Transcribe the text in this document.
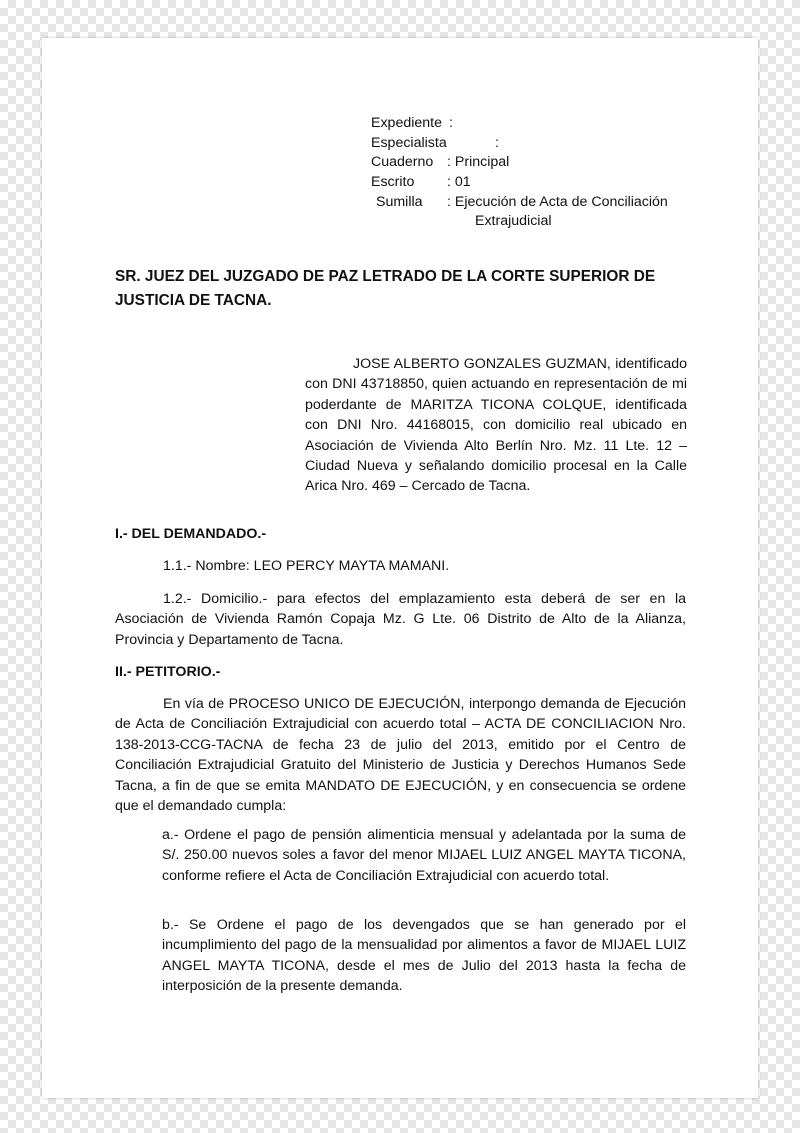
Expediente :
Especialista	:
Cuaderno : Principal
Escrito : 01
Sumilla : Ejecución de Acta de Conciliación
Extrajudicial
SR. JUEZ DEL JUZGADO DE PAZ LETRADO DE LA CORTE SUPERIOR DE JUSTICIA DE TACNA.
JOSE ALBERTO GONZALES GUZMAN, identificado con DNI 43718850, quien actuando en representación de mi poderdante de MARITZA TICONA COLQUE, identificada con DNI Nro. 44168015, con domicilio real ubicado en Asociación de Vivienda Alto Berlín Nro. Mz. 11 Lte. 12 – Ciudad Nueva y señalando domicilio procesal en la Calle Arica Nro. 469 – Cercado de Tacna.
I.- DEL DEMANDADO.-
1.1.- Nombre: LEO PERCY MAYTA MAMANI.
1.2.- Domicilio.- para efectos del emplazamiento esta deberá de ser en la Asociación de Vivienda Ramón Copaja Mz. G Lte. 06 Distrito de Alto de la Alianza, Provincia y Departamento de Tacna.
II.- PETITORIO.-
En vía de PROCESO UNICO DE EJECUCIÓN, interpongo demanda de Ejecución de Acta de Conciliación Extrajudicial con acuerdo total – ACTA DE CONCILIACION Nro. 138-2013-CCG-TACNA de fecha 23 de julio del 2013, emitido por el Centro de Conciliación Extrajudicial Gratuito del Ministerio de Justicia y Derechos Humanos Sede Tacna, a fin de que se emita MANDATO DE EJECUCIÓN, y en consecuencia se ordene que el demandado cumpla:
a.- Ordene el pago de pensión alimenticia mensual y adelantada por la suma de S/. 250.00 nuevos soles a favor del menor MIJAEL LUIZ ANGEL MAYTA TICONA, conforme refiere el Acta de Conciliación Extrajudicial con acuerdo total.
b.- Se Ordene el pago de los devengados que se han generado por el incumplimiento del pago de la mensualidad por alimentos a favor de MIJAEL LUIZ ANGEL MAYTA TICONA, desde el mes de Julio del 2013 hasta la fecha de interposición de la presente demanda.
